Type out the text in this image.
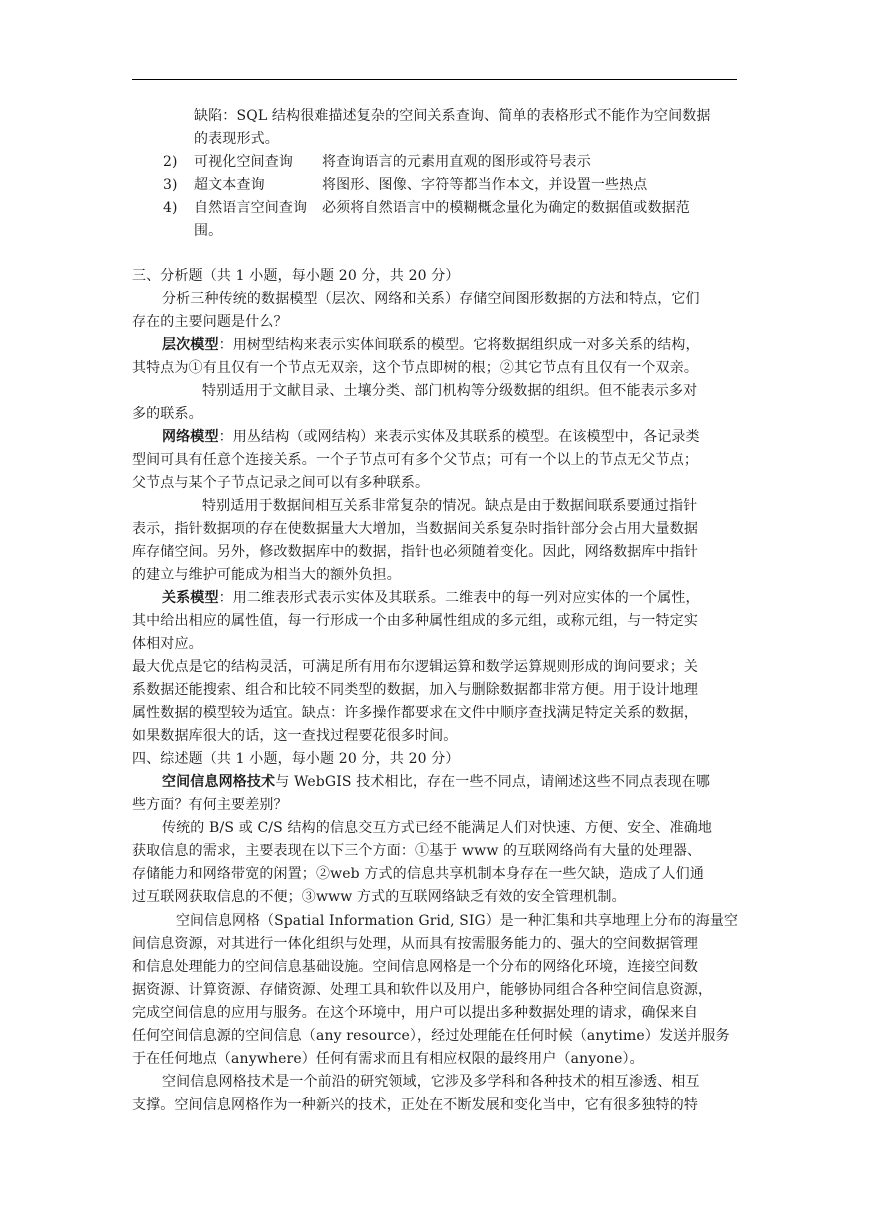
缺陷：SQL 结构很难描述复杂的空间关系查询、简单的表格形式不能作为空间数据
的表现形式。
2) 可视化空间查询 将查询语言的元素用直观的图形或符号表示
3) 超文本查询	将图形、图像、字符等都当作本文，并设置一些热点
4) 自然语言空间查询 必须将自然语言中的模糊概念量化为确定的数据值或数据范
围。
三、分析题（共 1 小题，每小题 20 分，共 20 分）
分析三种传统的数据模型（层次、网络和关系）存储空间图形数据的方法和特点，它们
存在的主要问题是什么？
层次模型：用树型结构来表示实体间联系的模型。它将数据组织成一对多关系的结构，
其特点为①有且仅有一个节点无双亲，这个节点即树的根；②其它节点有且仅有一个双亲。
特别适用于文献目录、土壤分类、部门机构等分级数据的组织。但不能表示多对
多的联系。
网络模型：用丛结构（或网结构）来表示实体及其联系的模型。在该模型中，各记录类
型间可具有任意个连接关系。一个子节点可有多个父节点；可有一个以上的节点无父节点；
父节点与某个子节点记录之间可以有多种联系。
特别适用于数据间相互关系非常复杂的情况。缺点是由于数据间联系要通过指针
表示，指针数据项的存在使数据量大大增加，当数据间关系复杂时指针部分会占用大量数据
库存储空间。另外，修改数据库中的数据，指针也必须随着变化。因此，网络数据库中指针
的建立与维护可能成为相当大的额外负担。
关系模型：用二维表形式表示实体及其联系。二维表中的每一列对应实体的一个属性，
其中给出相应的属性值，每一行形成一个由多种属性组成的多元组，或称元组，与一特定实
体相对应。
最大优点是它的结构灵活，可满足所有用布尔逻辑运算和数学运算规则形成的询问要求；关
系数据还能搜索、组合和比较不同类型的数据，加入与删除数据都非常方便。用于设计地理
属性数据的模型较为适宜。缺点：许多操作都要求在文件中顺序查找满足特定关系的数据，
如果数据库很大的话，这一查找过程要花很多时间。
四、综述题（共 1 小题，每小题 20 分，共 20 分）
空间信息网格技术与 WebGIS 技术相比，存在一些不同点，请阐述这些不同点表现在哪
些方面？有何主要差别？
传统的 B/S 或 C/S 结构的信息交互方式已经不能满足人们对快速、方便、安全、准确地
获取信息的需求，主要表现在以下三个方面：①基于 www 的互联网络尚有大量的处理器、
存储能力和网络带宽的闲置；②web 方式的信息共享机制本身存在一些欠缺，造成了人们通
过互联网获取信息的不便；③www 方式的互联网络缺乏有效的安全管理机制。
空间信息网格（Spatial Information Grid, SIG）是一种汇集和共享地理上分布的海量空
间信息资源，对其进行一体化组织与处理，从而具有按需服务能力的、强大的空间数据管理
和信息处理能力的空间信息基础设施。空间信息网格是一个分布的网络化环境，连接空间数
据资源、计算资源、存储资源、处理工具和软件以及用户，能够协同组合各种空间信息资源，
完成空间信息的应用与服务。在这个环境中，用户可以提出多种数据处理的请求，确保来自
任何空间信息源的空间信息（any resource），经过处理能在任何时候（anytime）发送并服务
于在任何地点（anywhere）任何有需求而且有相应权限的最终用户（anyone）。
空间信息网格技术是一个前沿的研究领域，它涉及多学科和各种技术的相互渗透、相互
支撑。空间信息网格作为一种新兴的技术，正处在不断发展和变化当中，它有很多独特的特
